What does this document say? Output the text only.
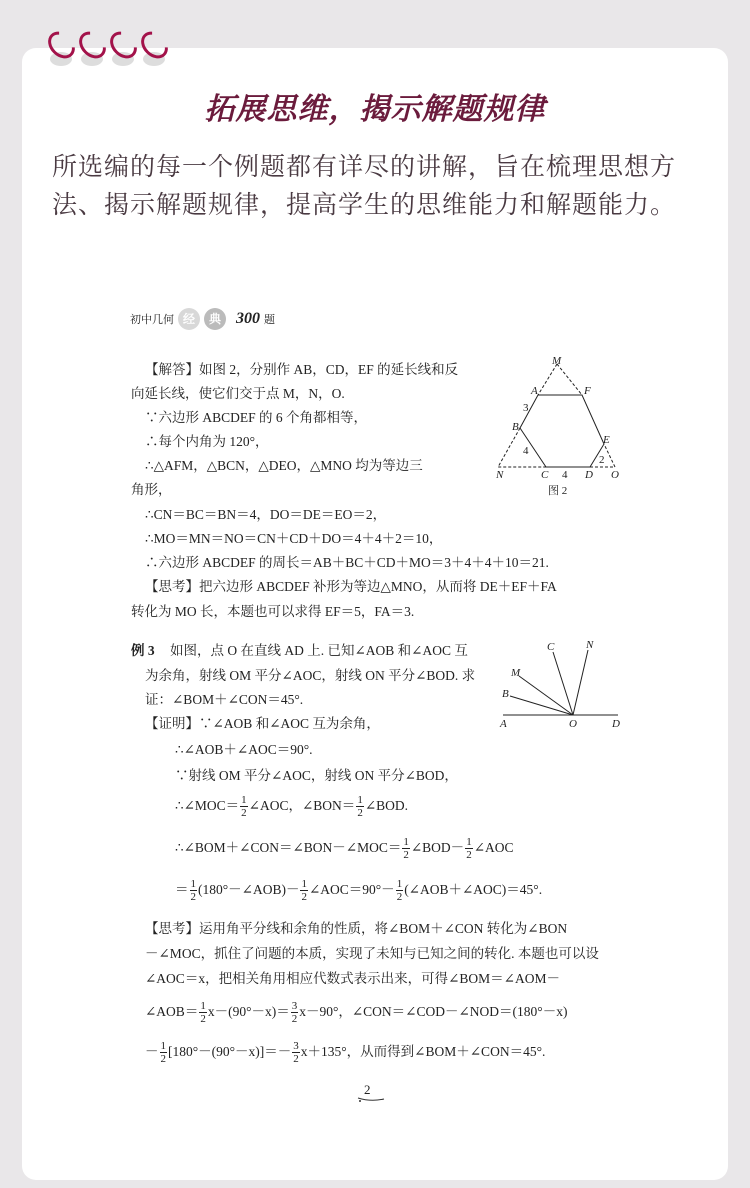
拓展思维，揭示解题规律
所选编的每一个例题都有详尽的讲解，旨在梳理思想方法、揭示解题规律，提高学生的思维能力和解题能力。
初中几何 经	典 300 题
【解答】如图 2，分别作 AB，CD，EF 的延长线和反
向延长线，使它们交于点 M，N，O.
∵六边形 ABCDEF 的 6 个角都相等，
∴每个内角为 120°，
∴△AFM，△BCN，△DEO，△MNO 均为等边三
角形，
∴CN＝BC＝BN＝4，DO＝DE＝EO＝2，
∴MO＝MN＝NO＝CN＋CD＋DO＝4＋4＋2＝10，
∴六边形 ABCDEF 的周长＝AB＋BC＋CD＋MO＝3＋4＋4＋10＝21.
【思考】把六边形 ABCDEF 补形为等边△MNO，从而将 DE＋EF＋FA
转化为 MO 长，本题也可以求得 EF＝5，FA＝3.
M
A	F
B
E
N	C	D O
3
4
4
2
图 2
例 3 如图，点 O 在直线 AD 上. 已知∠AOB 和∠AOC 互
为余角，射线 OM 平分∠AOC，射线 ON 平分∠BOD. 求
证：∠BOM＋∠CON＝45°.
【证明】∵∠AOB 和∠AOC 互为余角，
∴∠AOB＋∠AOC＝90°.
∵射线 OM 平分∠AOC，射线 ON 平分∠BOD，
∴∠MOC＝ $\frac{1}{2}$ ∠AOC，∠BON＝ $\frac{1}{2}$ ∠BOD.
∴∠BOM＋∠CON＝∠BON－∠MOC＝ $\frac{1}{2}$ ∠BOD－ $\frac{1}{2}$ ∠AOC
＝ $\frac{1}{2}$ (180°－∠AOB)－ $\frac{1}{2}$ ∠AOC＝90°－ $\frac{1}{2}$ (∠AOB＋∠AOC)＝45°.
【思考】运用角平分线和余角的性质，将∠BOM＋∠CON 转化为∠BON
－∠MOC，抓住了问题的本质，实现了未知与已知之间的转化. 本题也可以设
∠AOC＝x，把相关角用相应代数式表示出来，可得∠BOM＝∠AOM－
∠AOB＝ $\frac{1}{2} x-(90^\circ-x)= \frac{3}{2} x-90^\circ$，∠CON＝∠COD－∠NOD＝(180°－x)
－ $\frac{1}{2} [180^\circ-(90^\circ-x)]=- \frac{3}{2} x+135^\circ$，从而得到∠BOM＋∠CON＝45°.
C	N
M
B
A	O	D
2
